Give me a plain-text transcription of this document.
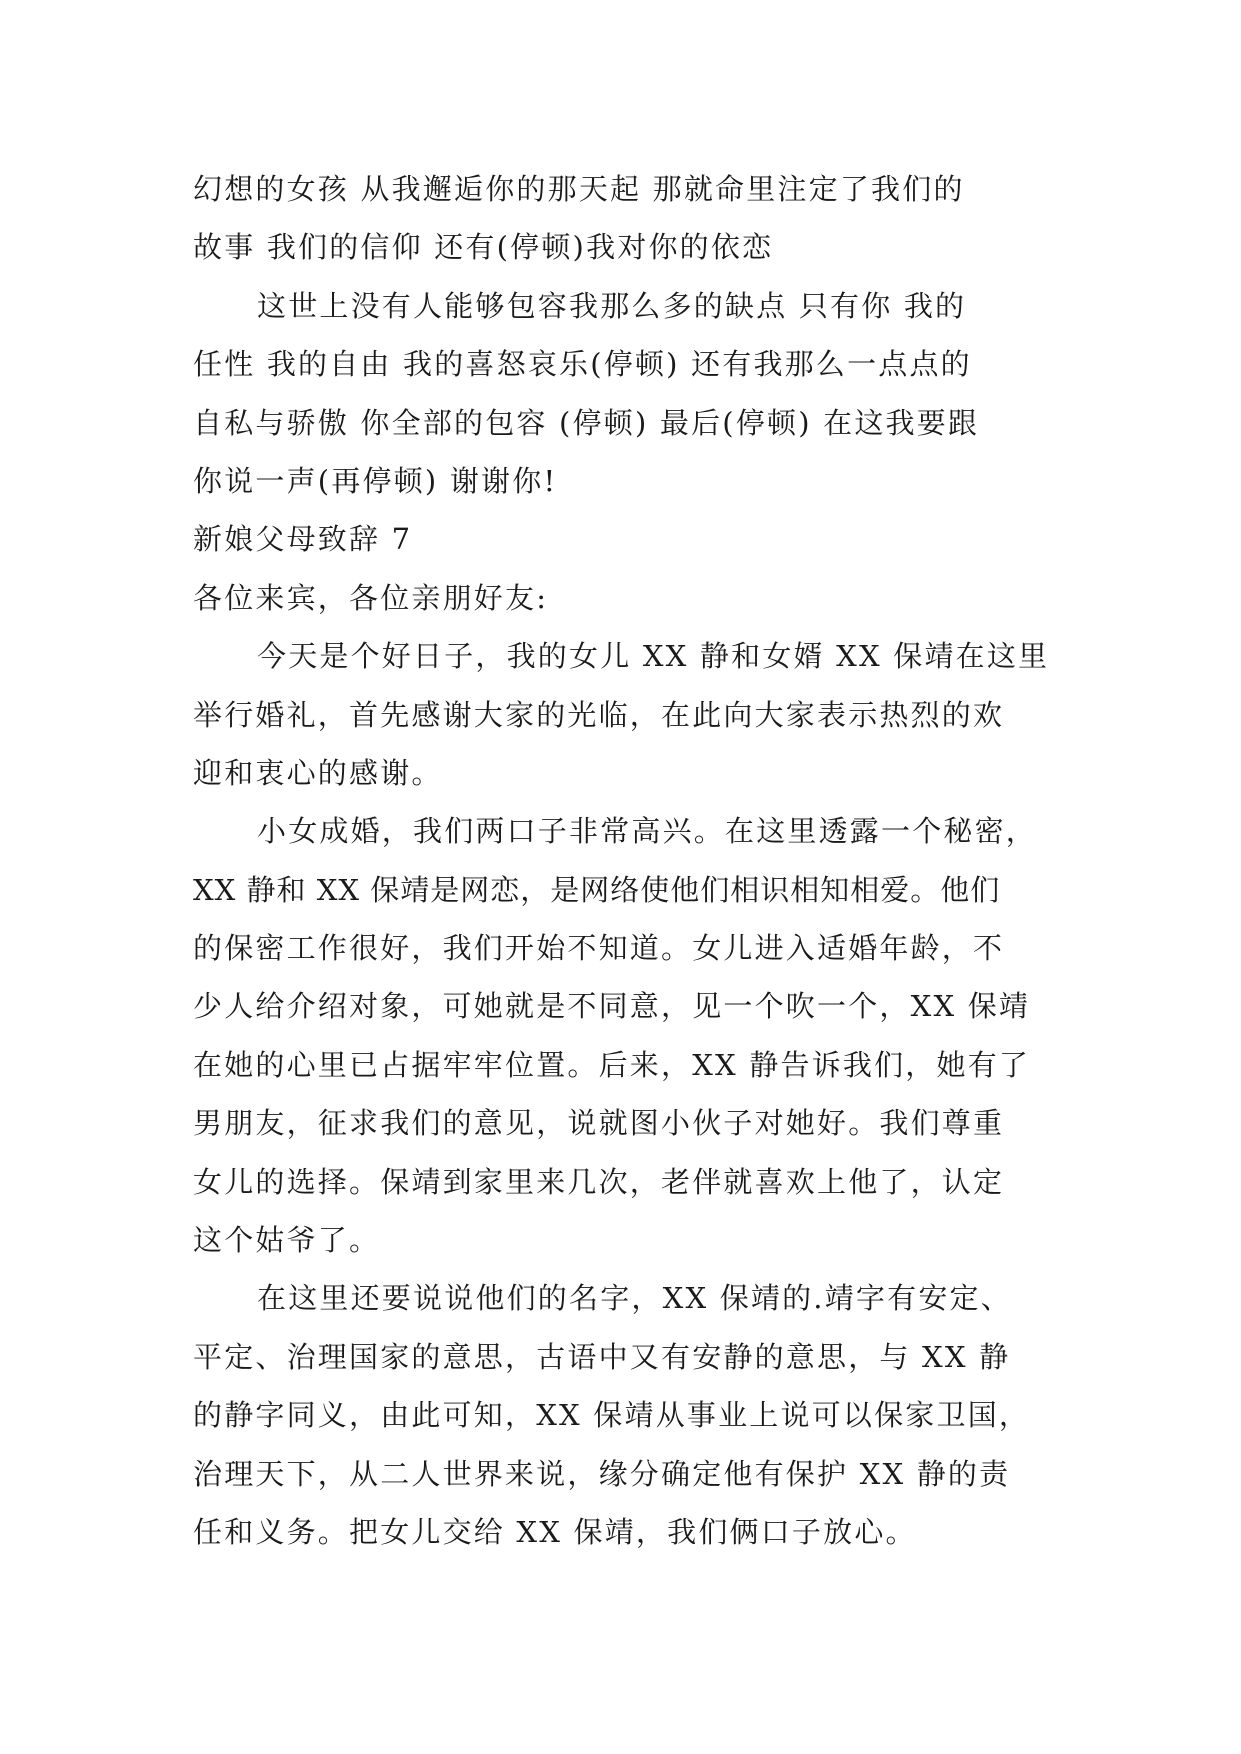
幻想的女孩 从我邂逅你的那天起 那就命里注定了我们的
故事 我们的信仰 还有(停顿)我对你的依恋
这世上没有人能够包容我那么多的缺点 只有你 我的
任性 我的自由 我的喜怒哀乐(停顿) 还有我那么一点点的
自私与骄傲 你全部的包容 (停顿) 最后(停顿) 在这我要跟
你说一声(再停顿) 谢谢你!
新娘父母致辞 7
各位来宾，各位亲朋好友:
今天是个好日子，我的女儿 XX 静和女婿 XX 保靖在这里
举行婚礼，首先感谢大家的光临，在此向大家表示热烈的欢
迎和衷心的感谢。
小女成婚，我们两口子非常高兴。在这里透露一个秘密，
XX 静和 XX 保靖是网恋，是网络使他们相识相知相爱。他们
的保密工作很好，我们开始不知道。女儿进入适婚年龄，不
少人给介绍对象，可她就是不同意，见一个吹一个，XX 保靖
在她的心里已占据牢牢位置。后来，XX 静告诉我们，她有了
男朋友，征求我们的意见，说就图小伙子对她好。我们尊重
女儿的选择。保靖到家里来几次，老伴就喜欢上他了，认定
这个姑爷了。
在这里还要说说他们的名字，XX 保靖的.靖字有安定、
平定、治理国家的意思，古语中又有安静的意思，与 XX 静
的静字同义，由此可知，XX 保靖从事业上说可以保家卫国，
治理天下，从二人世界来说，缘分确定他有保护 XX 静的责
任和义务。把女儿交给 XX 保靖，我们俩口子放心。
